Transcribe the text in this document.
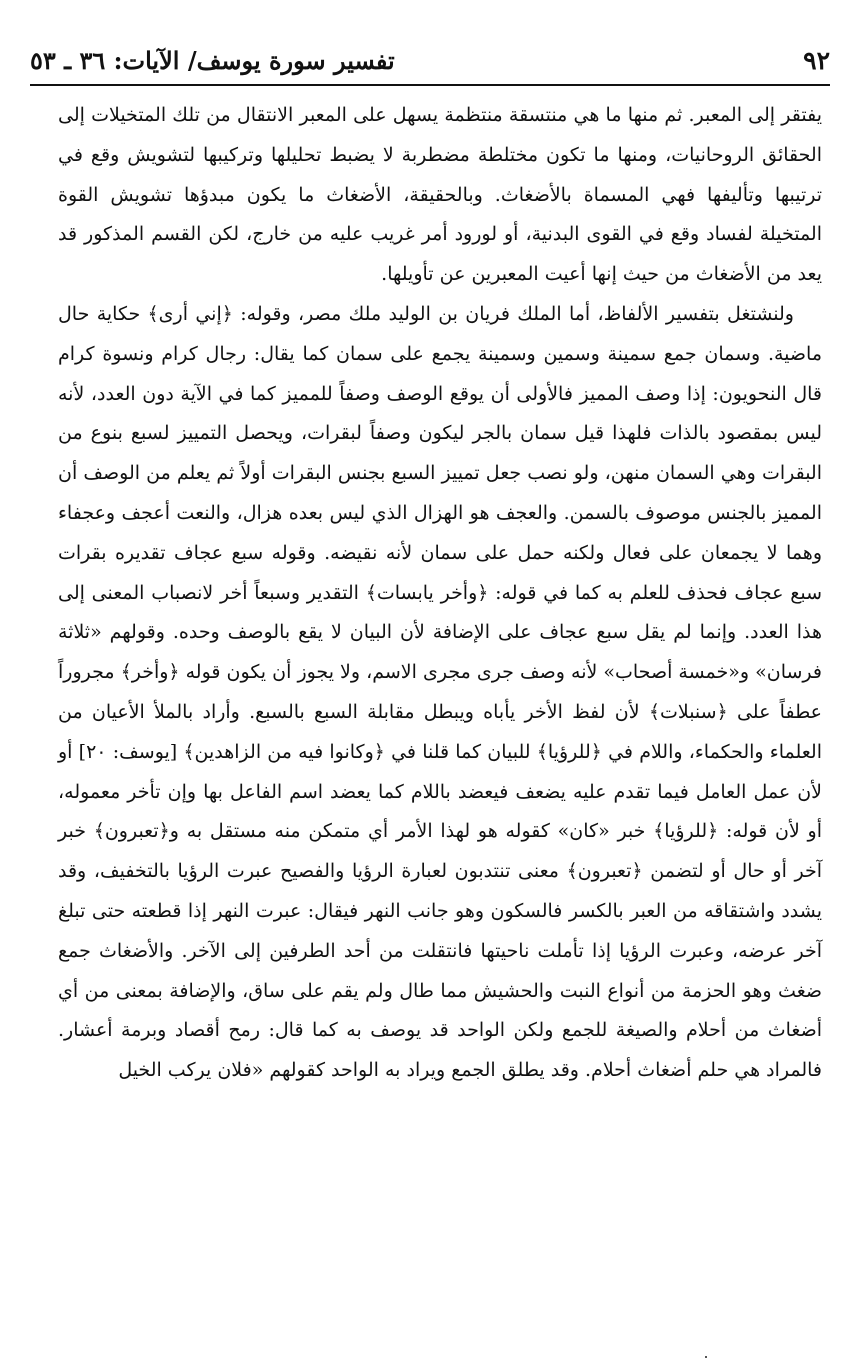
٩٢
تفسير سورة يوسف/ الآيات: ٣٦ ـ ٥٣

يفتقر إلى المعبر. ثم منها ما هي منتسقة منتظمة يسهل على المعبر الانتقال من تلك المتخيلات إلى الحقائق الروحانيات، ومنها ما تكون مختلطة مضطربة لا يضبط تحليلها وتركيبها لتشويش وقع في ترتيبها وتأليفها فهي المسماة بالأضغاث. وبالحقيقة، الأضغاث ما يكون مبدؤها تشويش القوة المتخيلة لفساد وقع في القوى البدنية، أو لورود أمر غريب عليه من خارج، لكن القسم المذكور قد يعد من الأضغاث من حيث إنها أعيت المعبرين عن تأويلها.

ولنشتغل بتفسير الألفاظ، أما الملك فريان بن الوليد ملك مصر، وقوله: ﴿إني أرى﴾ حكاية حال ماضية. وسمان جمع سمينة وسمين وسمينة يجمع على سمان كما يقال: رجال كرام ونسوة كرام قال النحويون: إذا وصف المميز فالأولى أن يوقع الوصف وصفاً للمميز كما في الآية دون العدد، لأنه ليس بمقصود بالذات فلهذا قيل سمان بالجر ليكون وصفاً لبقرات، ويحصل التمييز لسبع بنوع من البقرات وهي السمان منهن، ولو نصب جعل تمييز السبع بجنس البقرات أولاً ثم يعلم من الوصف أن المميز بالجنس موصوف بالسمن. والعجف هو الهزال الذي ليس بعده هزال، والنعت أعجف وعجفاء وهما لا يجمعان على فعال ولكنه حمل على سمان لأنه نقيضه. وقوله سبع عجاف تقديره بقرات سبع عجاف فحذف للعلم به كما في قوله: ﴿وأخر يابسات﴾ التقدير وسبعاً أخر لانصباب المعنى إلى هذا العدد. وإنما لم يقل سبع عجاف على الإضافة لأن البيان لا يقع بالوصف وحده. وقولهم «ثلاثة فرسان» و«خمسة أصحاب» لأنه وصف جرى مجرى الاسم، ولا يجوز أن يكون قوله ﴿وأخر﴾ مجروراً عطفاً على ﴿سنبلات﴾ لأن لفظ الأخر يأباه ويبطل مقابلة السبع بالسبع. وأراد بالملأ الأعيان من العلماء والحكماء، واللام في ﴿للرؤيا﴾ للبيان كما قلنا في ﴿وكانوا فيه من الزاهدين﴾ [يوسف: ٢٠] أو لأن عمل العامل فيما تقدم عليه يضعف فيعضد باللام كما يعضد اسم الفاعل بها وإن تأخر معموله، أو لأن قوله: ﴿للرؤيا﴾ خبر «كان» كقوله هو لهذا الأمر أي متمكن منه مستقل به و﴿تعبرون﴾ خبر آخر أو حال أو لتضمن ﴿تعبرون﴾ معنى تنتدبون لعبارة الرؤيا والفصيح عبرت الرؤيا بالتخفيف، وقد يشدد واشتقاقه من العبر بالكسر فالسكون وهو جانب النهر فيقال: عبرت النهر إذا قطعته حتى تبلغ آخر عرضه، وعبرت الرؤيا إذا تأملت ناحيتها فانتقلت من أحد الطرفين إلى الآخر. والأضغاث جمع ضغث وهو الحزمة من أنواع النبت والحشيش مما طال ولم يقم على ساق، والإضافة بمعنى من أي أضغاث من أحلام والصيغة للجمع ولكن الواحد قد يوصف به كما قال: رمح أقصاد وبرمة أعشار. فالمراد هي حلم أضغاث أحلام. وقد يطلق الجمع ويراد به الواحد كقولهم «فلان يركب الخيل
